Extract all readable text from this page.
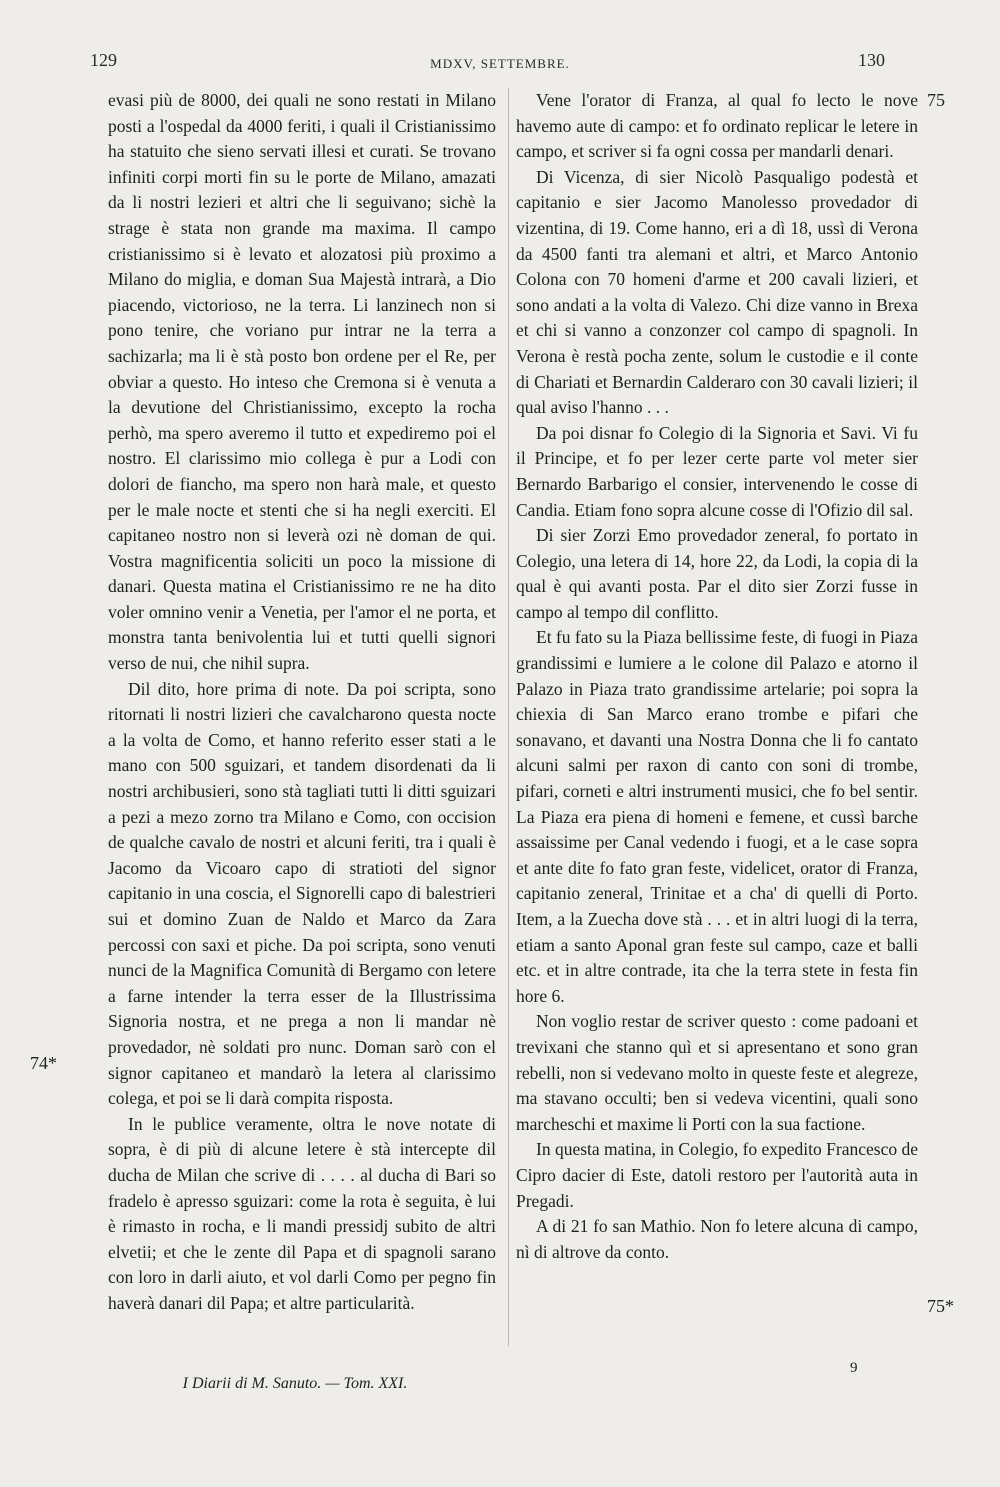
129	MDXV, SETTEMBRE.	130
74*
75
75*

evasi più de 8000, dei quali ne sono restati in Milano posti a l'ospedal da 4000 feriti, i quali il Cristianissimo ha statuito che sieno servati illesi et curati. Se trovano infiniti corpi morti fin su le porte de Milano, amazati da li nostri lezieri et altri che li seguivano; sichè la strage è stata non grande ma maxima. Il campo cristianissimo si è levato et alozatosi più proximo a Milano do miglia, e doman Sua Majestà intrarà, a Dio piacendo, victorioso, ne la terra. Li lanzinech non si pono tenire, che voriano pur intrar ne la terra a sachizarla; ma li è stà posto bon ordene per el Re, per obviar a questo. Ho inteso che Cremona si è venuta a la devutione del Christianissimo, excepto la rocha perhò, ma spero averemo il tutto et expediremo poi el nostro. El clarissimo mio collega è pur a Lodi con dolori de fiancho, ma spero non harà male, et questo per le male nocte et stenti che si ha negli exerciti. El capitaneo nostro non si leverà ozi nè doman de qui. Vostra magnificentia soliciti un poco la missione di danari. Questa matina el Cristianissimo re ne ha dito voler omnino venir a Venetia, per l'amor el ne porta, et monstra tanta benivolentia lui et tutti quelli signori verso de nui, che nihil supra.

Dil dito, hore prima di note. Da poi scripta, sono ritornati li nostri lizieri che cavalcharono questa nocte a la volta de Como, et hanno referito esser stati a le mano con 500 sguizari, et tandem disordenati da li nostri archibusieri, sono stà tagliati tutti li ditti sguizari a pezi a mezo zorno tra Milano e Como, con occision de qualche cavalo de nostri et alcuni feriti, tra i quali è Jacomo da Vicoaro capo di stratioti del signor capitanio in una coscia, el Signorelli capo di balestrieri sui et domino Zuan de Naldo et Marco da Zara percossi con saxi et piche. Da poi scripta, sono venuti nunci de la Magnifica Comunità di Bergamo con letere a farne intender la terra esser de la Illustrissima Signoria nostra, et ne prega a non li mandar nè provedador, nè soldati pro nunc. Doman sarò con el signor capitaneo et mandarò la letera al clarissimo colega, et poi se li darà compita risposta.

In le publice veramente, oltra le nove notate di sopra, è di più di alcune letere è stà intercepte dil ducha de Milan che scrive di . . . . al ducha di Bari so fradelo è apresso sguizari: come la rota è seguita, è lui è rimasto in rocha, e li mandi pressidj subito de altri elvetii; et che le zente dil Papa et di spagnoli sarano con loro in darli aiuto, et vol darli Como per pegno fin haverà danari dil Papa; et altre particularità.

Vene l'orator di Franza, al qual fo lecto le nove havemo aute di campo: et fo ordinato replicar le letere in campo, et scriver si fa ogni cossa per mandarli denari.

Di Vicenza, di sier Nicolò Pasqualigo podestà et capitanio e sier Jacomo Manolesso provedador di vizentina, di 19. Come hanno, eri a dì 18, ussì di Verona da 4500 fanti tra alemani et altri, et Marco Antonio Colona con 70 homeni d'arme et 200 cavali lizieri, et sono andati a la volta di Valezo. Chi dize vanno in Brexa et chi si vanno a conzonzer col campo di spagnoli. In Verona è restà pocha zente, solum le custodie e il conte di Chariati et Bernardin Calderaro con 30 cavali lizieri; il qual aviso l'hanno . . .

Da poi disnar fo Colegio di la Signoria et Savi. Vi fu il Principe, et fo per lezer certe parte vol meter sier Bernardo Barbarigo el consier, intervenendo le cosse di Candia. Etiam fono sopra alcune cosse di l'Ofizio dil sal.

Di sier Zorzi Emo provedador zeneral, fo portato in Colegio, una letera di 14, hore 22, da Lodi, la copia di la qual è qui avanti posta. Par el dito sier Zorzi fusse in campo al tempo dil conflitto.

Et fu fato su la Piaza bellissime feste, di fuogi in Piaza grandissimi e lumiere a le colone dil Palazo e atorno il Palazo in Piaza trato grandissime artelarie; poi sopra la chiexia di San Marco erano trombe e pifari che sonavano, et davanti una Nostra Donna che li fo cantato alcuni salmi per raxon di canto con soni di trombe, pifari, corneti e altri instrumenti musici, che fo bel sentir. La Piaza era piena di homeni e femene, et cussì barche assaissime per Canal vedendo i fuogi, et a le case sopra et ante dite fo fato gran feste, videlicet, orator di Franza, capitanio zeneral, Trinitae et a cha' di quelli di Porto. Item, a la Zuecha dove stà . . . et in altri luogi di la terra, etiam a santo Aponal gran feste sul campo, caze et balli etc. et in altre contrade, ita che la terra stete in festa fin hore 6.

Non voglio restar de scriver questo : come padoani et trevixani che stanno quì et si apresentano et sono gran rebelli, non si vedevano molto in queste feste et alegreze, ma stavano occulti; ben si vedeva vicentini, quali sono marcheschi et maxime li Porti con la sua factione.

In questa matina, in Colegio, fo expedito Francesco de Cipro dacier di Este, datoli restoro per l'autorità auta in Pregadi.

A di 21 fo san Mathio. Non fo letere alcuna di campo, nì di altrove da conto.

I Diarii di M. Sanuto. — Tom. XXI.
9
